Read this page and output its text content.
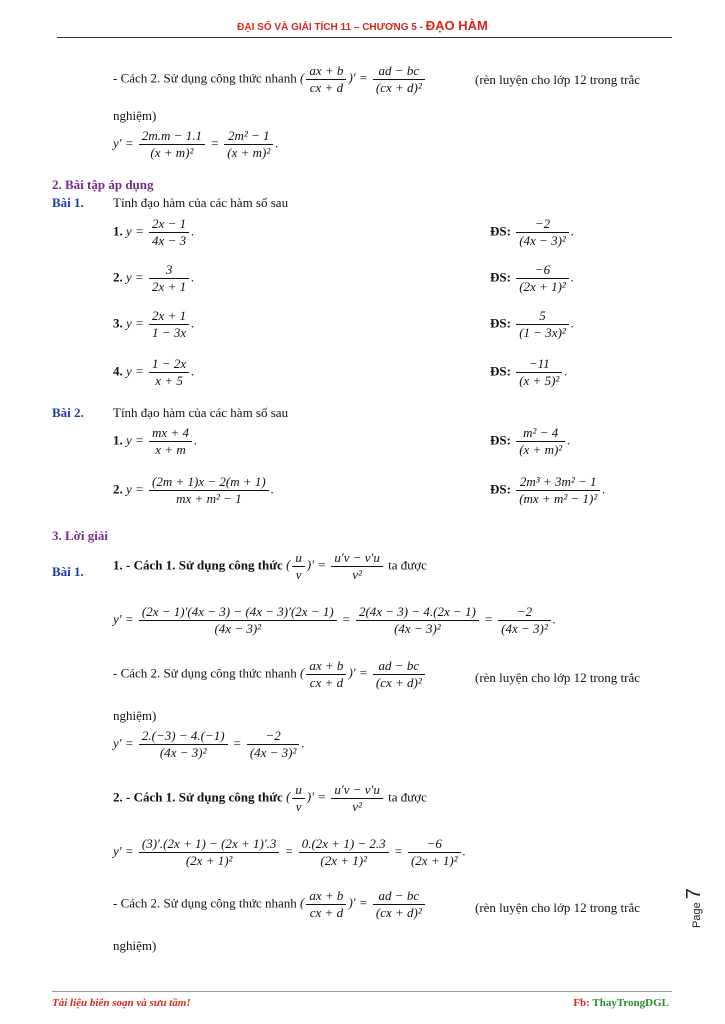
ĐẠI SỐ VÀ GIẢI TÍCH 11 – CHƯƠNG 5 - ĐẠO HÀM
- Cách 2. Sử dụng công thức nhanh ( $\frac{ax + b}{cx + d}$ )′ = $\frac{ad - bc}{\text{(cx + d)²}}$	(rèn luyện cho lớp 12 trong trắc
nghiệm)
$y' = \frac{2m.m - 1.1}{\text{(x + m)²}} = \frac{\text{2m² − 1}}{\text{(x + m)²}}$ .
2. Bài tập áp dụng
Bài 1. Tính đạo hàm của các hàm số sau
1. $y = \frac{2x - 1}{4x - 3}$ .	ĐS: $\frac{-2}{\text{(4x − 3)²}}$ .
2. $y = \frac{3}{2x + 1}$ .	ĐS: $\frac{-6}{\text{(2x + 1)²}}$ .
3. $y = \frac{2x + 1}{1 - 3x}$ .	ĐS: $\frac{5}{\text{(1 − 3x)²}}$ .
4. $y = \frac{1 - 2x}{x + 5}$ .	ĐS: $\frac{-11}{\text{(x + 5)²}}$ .
Bài 2. Tính đạo hàm của các hàm số sau
1. $y = \frac{mx + 4}{x + m}$ .	ĐS: $\frac{\text{m² − 4}}{\text{(x + m)²}}$ .
2. $y = \frac{(2m + 1)x - 2(m + 1)}{\text{mx + m² − 1}}$ .	ĐS: $\frac{\text{2m³ + 3m² − 1}}{\text{(mx + m² − 1)²}}$ .
3. Lời giải
Bài 1. 1. - Cách 1. Sử dụng công thức ( $\frac{u}{v}$ )′ = $\frac{u'v - v'u}{\text{v²}}$ ta được
$y' = \frac{(2x - 1)'(4x - 3) - (4x - 3)'(2x - 1)}{\text{(4x − 3)²}} = \frac{2(4x - 3) - 4.(2x - 1)}{\text{(4x − 3)²}} = \frac{-2}{\text{(4x − 3)²}}$ .
- Cách 2. Sử dụng công thức nhanh ( $\frac{ax + b}{cx + d}$ )′ = $\frac{ad - bc}{\text{(cx + d)²}}$	(rèn luyện cho lớp 12 trong trắc
nghiệm)
$y' = \frac{2.(-3) - 4.(-1)}{\text{(4x − 3)²}} = \frac{-2}{\text{(4x − 3)²}}$ .
2. - Cách 1. Sử dụng công thức ( $\frac{u}{v}$ )′ = $\frac{u'v - v'u}{\text{v²}}$ ta được
$y' = \frac{(3)'.(2x + 1) - (2x + 1)'.3}{\text{(2x + 1)²}} = \frac{0.(2x + 1) - 2.3}{\text{(2x + 1)²}} = \frac{-6}{\text{(2x + 1)²}}$ .
- Cách 2. Sử dụng công thức nhanh ( $\frac{ax + b}{cx + d}$ )′ = $\frac{ad - bc}{\text{(cx + d)²}}$	(rèn luyện cho lớp 12 trong trắc
nghiệm)
Page 7
Tài liệu biên soạn và sưu tầm!	Fb: ThayTrongDGL
